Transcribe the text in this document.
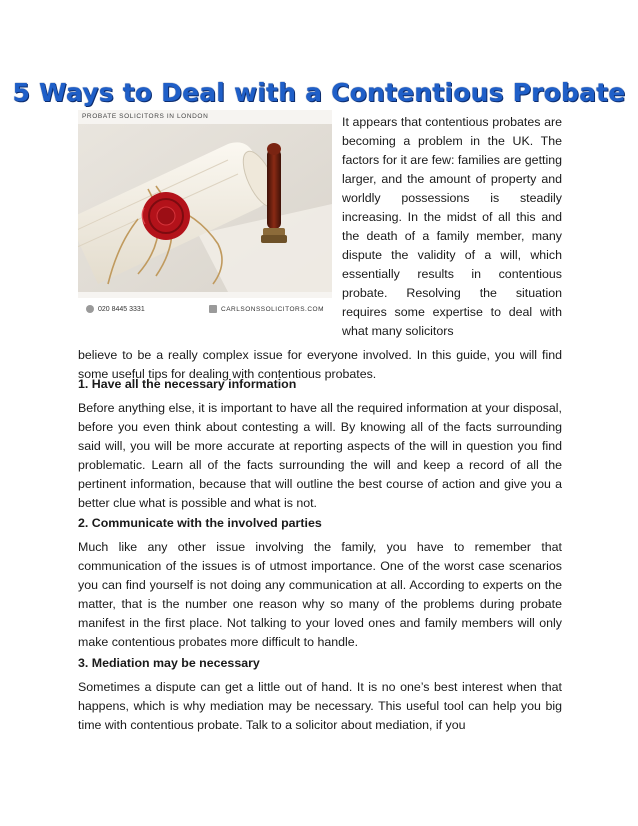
5 Ways to Deal with a Contentious Probate
PROBATE SOLICITORS IN LONDON
020 8445 3331	CARLSONSSOLICITORS.COM
It appears that contentious probates are becoming a problem in the UK. The factors for it are few: families are getting larger, and the amount of property and worldly possessions is steadily increasing. In the midst of all this and the death of a family member, many dispute the validity of a will, which essentially results in contentious probate. Resolving the situation requires some expertise to deal with what many solicitors
believe to be a really complex issue for everyone involved. In this guide, you will find some useful tips for dealing with contentious probates.
1. Have all the necessary information
Before anything else, it is important to have all the required information at your disposal, before you even think about contesting a will. By knowing all of the facts surrounding said will, you will be more accurate at reporting aspects of the will in question you find problematic. Learn all of the facts surrounding the will and keep a record of all the pertinent information, because that will outline the best course of action and give you a better clue what is possible and what is not.
2. Communicate with the involved parties
Much like any other issue involving the family, you have to remember that communication of the issues is of utmost importance. One of the worst case scenarios you can find yourself is not doing any communication at all. According to experts on the matter, that is the number one reason why so many of the problems during probate manifest in the first place. Not talking to your loved ones and family members will only make contentious probates more difficult to handle.
3. Mediation may be necessary
Sometimes a dispute can get a little out of hand. It is no one’s best interest when that happens, which is why mediation may be necessary. This useful tool can help you big time with contentious probate. Talk to a solicitor about mediation, if you
